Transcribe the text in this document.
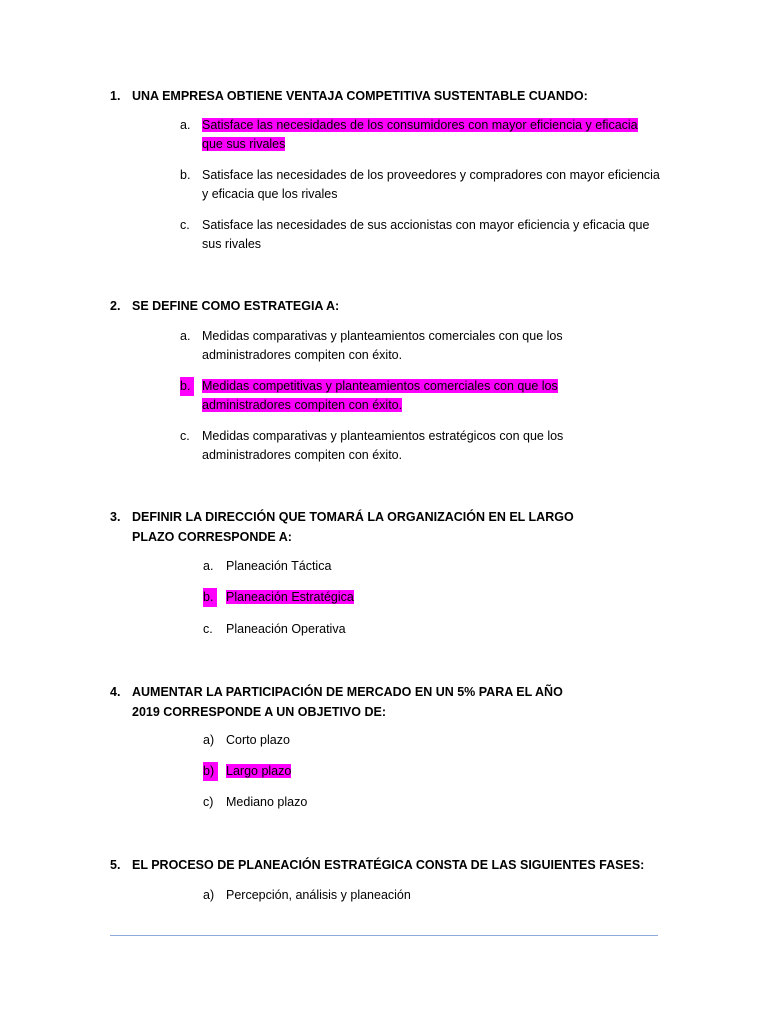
1. UNA EMPRESA OBTIENE VENTAJA COMPETITIVA SUSTENTABLE CUANDO:
a. Satisface las necesidades de los consumidores con mayor eficiencia y eficacia que sus rivales
b. Satisface las necesidades de los proveedores y compradores con mayor eficiencia y eficacia que los rivales
c. Satisface las necesidades de sus accionistas con mayor eficiencia y eficacia que sus rivales
2. SE DEFINE COMO ESTRATEGIA A:
a. Medidas comparativas y planteamientos comerciales con que los administradores compiten con éxito.
b. Medidas competitivas y planteamientos comerciales con que los administradores compiten con éxito.
c. Medidas comparativas y planteamientos estratégicos con que los administradores compiten con éxito.
3. DEFINIR LA DIRECCIÓN QUE TOMARÁ LA ORGANIZACIÓN EN EL LARGO PLAZO CORRESPONDE A:
a. Planeación Táctica
b.	Planeación Estratégica
c. Planeación Operativa
4. AUMENTAR LA PARTICIPACIÓN DE MERCADO EN UN 5% PARA EL AÑO 2019 CORRESPONDE A UN OBJETIVO DE:
a) Corto plazo
b) Largo plazo
c) Mediano plazo
5. EL PROCESO DE PLANEACIÓN ESTRATÉGICA CONSTA DE LAS SIGUIENTES FASES:
a) Percepción, análisis y planeación
